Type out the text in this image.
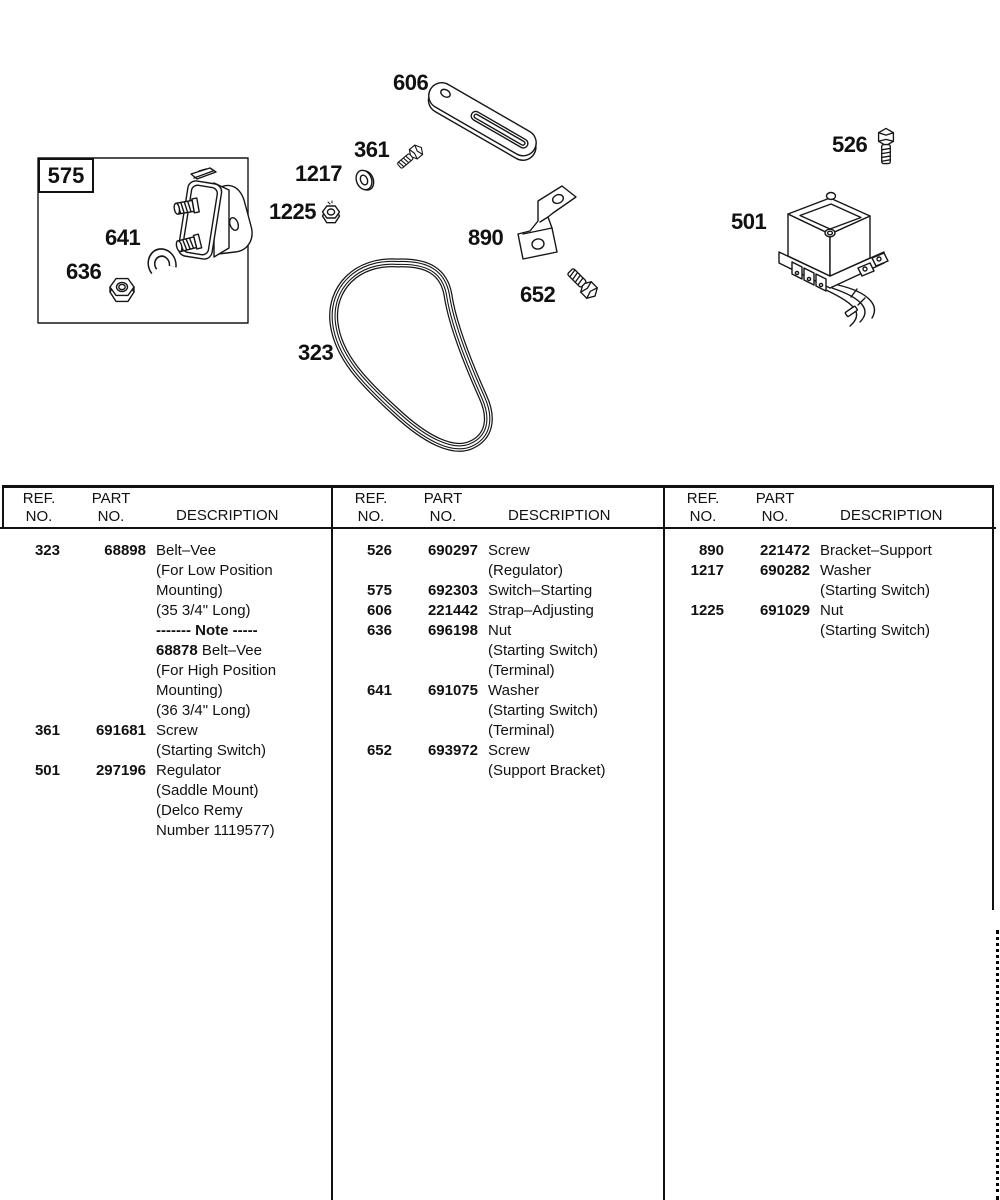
575
641
636
606
361
1217
1225
890
652
323
526
501
REF.
NO.
PART
NO.	DESCRIPTION
REF.
NO.
PART
NO.	DESCRIPTION
REF.
NO.
PART
NO.	DESCRIPTION
323	68898 Belt–Vee
(For Low Position
Mounting)
(35 3/4" Long)
------- Note -----
68878 Belt–Vee
(For High Position
Mounting)
(36 3/4" Long)
361	691681 Screw
(Starting Switch)
501	297196 Regulator
(Saddle Mount)
(Delco Remy
Number 1119577)
526	690297 Screw
(Regulator)
575	692303 Switch–Starting
606	221442 Strap–Adjusting
636	696198 Nut
(Starting Switch)
(Terminal)
641	691075 Washer
(Starting Switch)
(Terminal)
652	693972 Screw
(Support Bracket)
890	221472 Bracket–Support
1217	690282 Washer
(Starting Switch)
1225	691029 Nut
(Starting Switch)
